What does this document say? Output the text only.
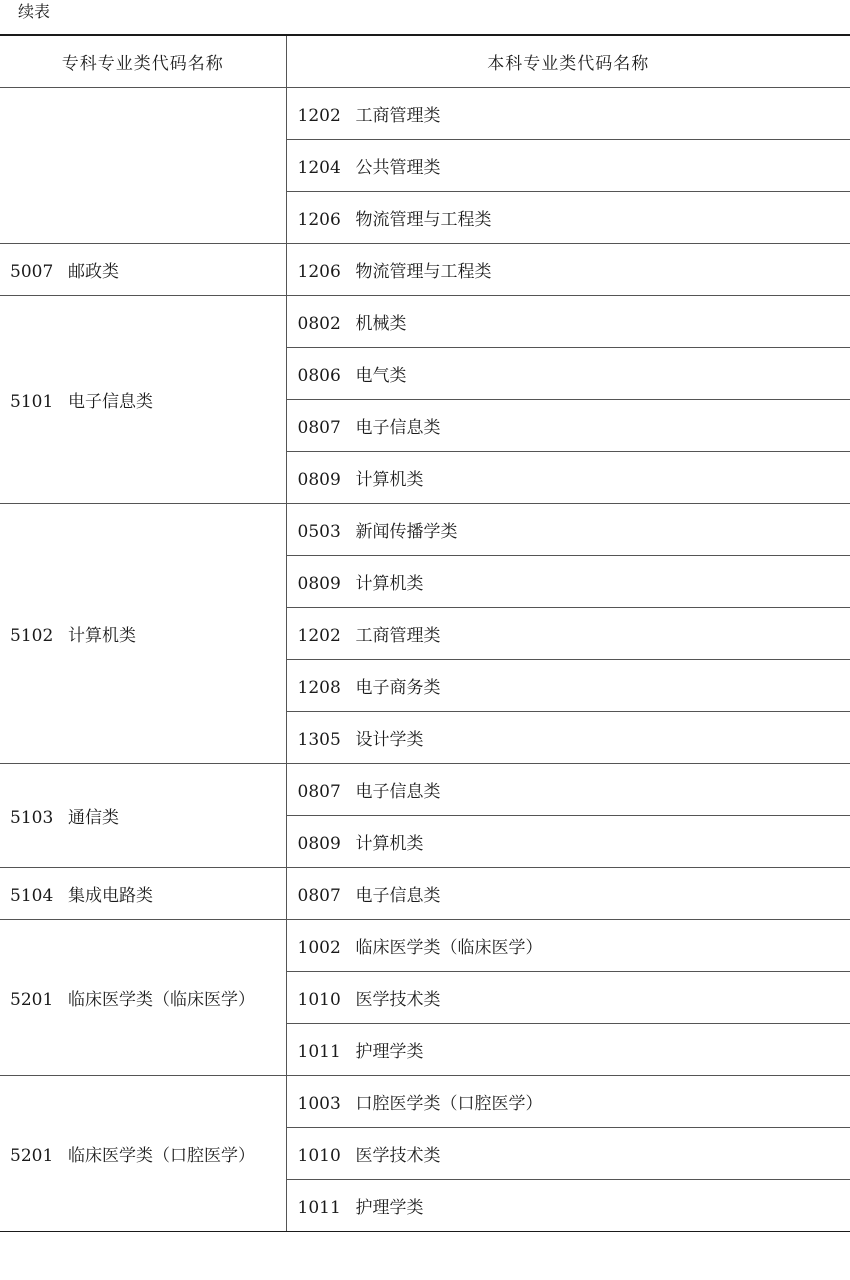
续表
专科专业类代码名称	本科专业类代码名称
	1202 工商管理类
	1204 公共管理类
	1206 物流管理与工程类
5007 邮政类	1206 物流管理与工程类
5101 电子信息类	0802 机械类
	0806 电气类
	0807 电子信息类
	0809 计算机类
5102 计算机类	0503 新闻传播学类
	0809 计算机类
	1202 工商管理类
	1208 电子商务类
	1305 设计学类
5103 通信类	0807 电子信息类
	0809 计算机类
5104 集成电路类	0807 电子信息类
5201 临床医学类（临床医学）	1002 临床医学类（临床医学）
	1010 医学技术类
	1011 护理学类
5201 临床医学类（口腔医学）	1003 口腔医学类（口腔医学）
	1010 医学技术类
	1011 护理学类
